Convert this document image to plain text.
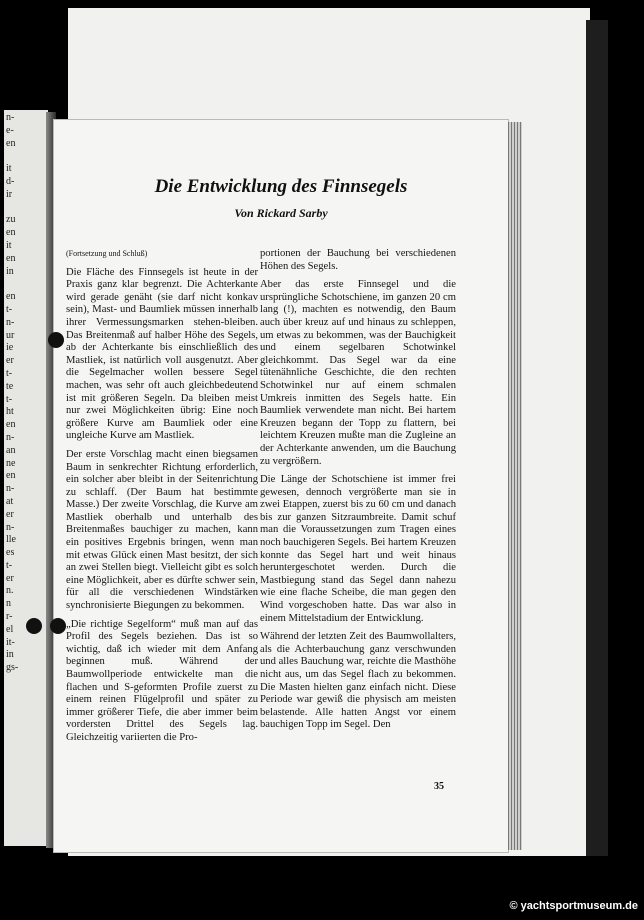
n-
e-
en

it
d-
ir

zu
en
it
en
in

en
t-
n-
ur
ie
er
t-
te
t-
ht
en
n-
an
ne
en
n-
at
er
n-
lle
es
t-
er
n.
n
r-
el
it-
in
gs-
Die Entwicklung des Finnsegels
Von Rickard Sarby

(Fortsetzung und Schluß)

Die Fläche des Finnsegels ist heute in der Praxis ganz klar begrenzt. Die Achterkante wird gerade genäht (sie darf nicht konkav sein), Mast- und Baumliek müssen innerhalb ihrer Vermessungsmarken stehen-bleiben. Das Breitenmaß auf halber Höhe des Segels, ab der Achterkante bis einschließlich des Mastliek, ist natürlich voll ausgenutzt. Aber die Segelmacher wollen bessere Segel machen, was sehr oft auch gleichbedeutend ist mit größeren Segeln. Da bleiben meist nur zwei Möglichkeiten übrig: Eine noch größere Kurve am Baumliek oder eine ungleiche Kurve am Mastliek.

Der erste Vorschlag macht einen biegsamen Baum in senkrechter Richtung erforderlich, ein solcher aber bleibt in der Seitenrichtung zu schlaff. (Der Baum hat bestimmte Masse.) Der zweite Vorschlag, die Kurve am Mastliek oberhalb und unterhalb des Breitenmaßes bauchiger zu machen, kann ein positives Ergebnis bringen, wenn man mit etwas Glück einen Mast besitzt, der sich an zwei Stellen biegt. Vielleicht gibt es solch eine Möglichkeit, aber es dürfte schwer sein, für all die verschiedenen Windstärken synchronisierte Biegungen zu bekommen.

„Die richtige Segelform“ muß man auf das Profil des Segels beziehen. Das ist so wichtig, daß ich wieder mit dem Anfang beginnen muß. Während der Baumwollperiode entwickelte man die flachen und S-geformten Profile zuerst zu einem reinen Flügelprofil und später zu immer größerer Tiefe, die aber immer beim vordersten Drittel des Segels lag. Gleichzeitig variierten die Pro-

portionen der Bauchung bei verschiedenen Höhen des Segels.

Aber das erste Finnsegel und die ursprüngliche Schotschiene, im ganzen 20 cm lang (!), machten es notwendig, den Baum auch über kreuz auf und hinaus zu schleppen, um etwas zu bekommen, was der Bauchigkeit und einem segelbaren Schotwinkel gleichkommt. Das Segel war da eine tütenähnliche Geschichte, die den rechten Schotwinkel nur auf einem schmalen Umkreis inmitten des Segels hatte. Ein Baumliek verwendete man nicht. Bei hartem Kreuzen begann der Topp zu flattern, bei leichtem Kreuzen mußte man die Zugleine an der Achterkante anwenden, um die Bauchung zu vergrößern.

Die Länge der Schotschiene ist immer frei gewesen, dennoch vergrößerte man sie in zwei Etappen, zuerst bis zu 60 cm und danach bis zur ganzen Sitzraumbreite. Damit schuf man die Voraussetzungen zum Tragen eines noch bauchigeren Segels. Bei hartem Kreuzen konnte das Segel hart und weit hinaus heruntergeschotet werden. Durch die Mastbiegung stand das Segel dann nahezu wie eine flache Scheibe, die man gegen den Wind vorgeschoben hatte. Das war also in einem Mittelstadium der Entwicklung.

Während der letzten Zeit des Baumwollalters, als die Achterbauchung ganz verschwunden und alles Bauchung war, reichte die Masthöhe nicht aus, um das Segel flach zu bekommen. Die Masten hielten ganz einfach nicht. Diese Periode war gewiß die physisch am meisten belastende. Alle hatten Angst vor einem bauchigen Topp im Segel. Den

35
© yachtsportmuseum.de
